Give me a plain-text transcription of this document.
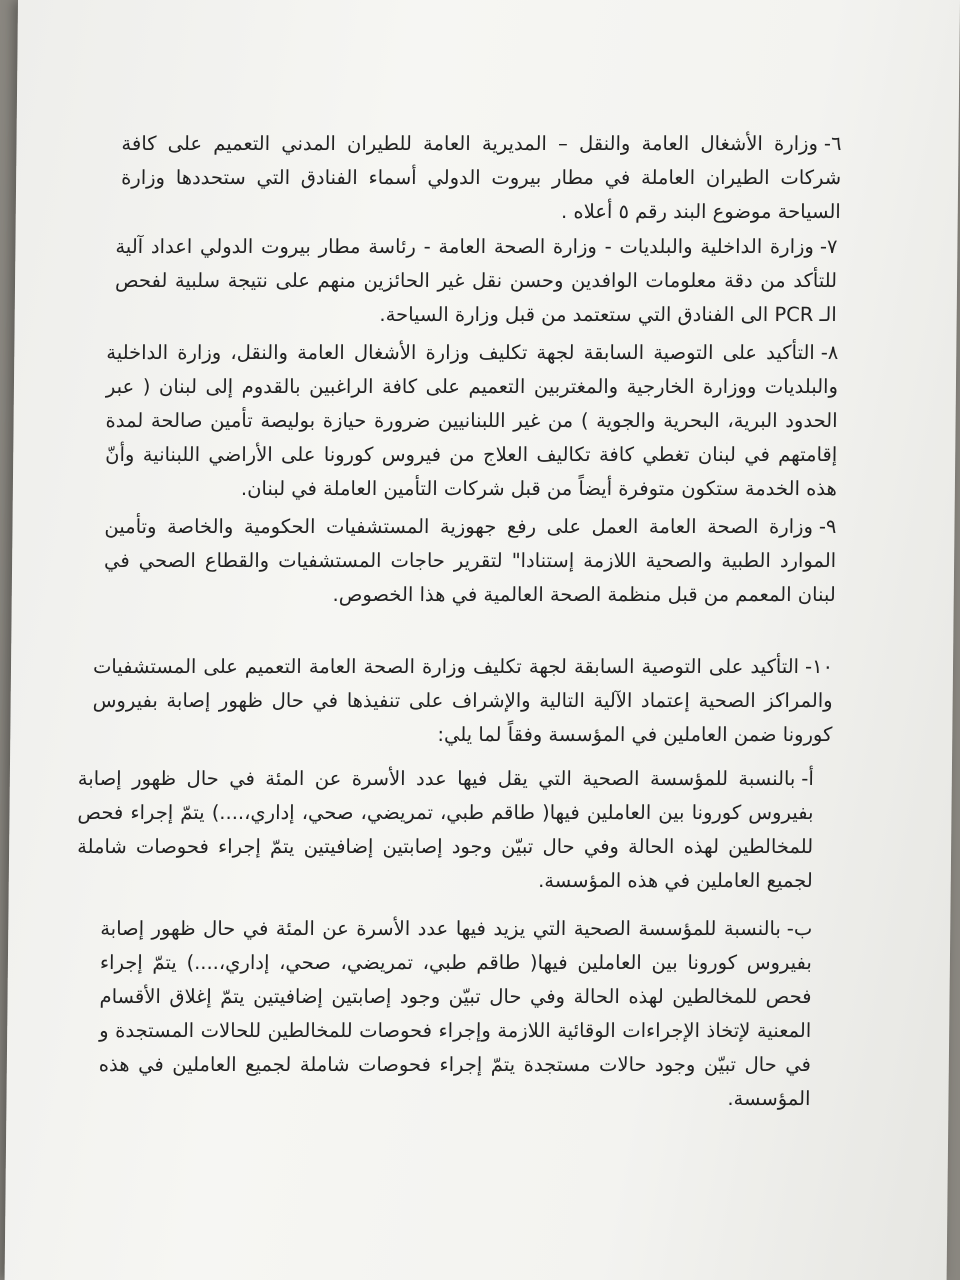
٦-وزارة الأشغال العامة والنقل – المديرية العامة للطيران المدني التعميم على كافة شركات الطيران العاملة في مطار بيروت الدولي أسماء الفنادق التي ستحددها وزارة السياحة موضوع البند رقم ٥ أعلاه .
٧-وزارة الداخلية والبلديات - وزارة الصحة العامة - رئاسة مطار بيروت الدولي اعداد آلية للتأكد من دقة معلومات الوافدين وحسن نقل غير الحائزين منهم على نتيجة سلبية لفحص الـ PCR الى الفنادق التي ستعتمد من قبل وزارة السياحة.
٨-التأكيد على التوصية السابقة لجهة تكليف وزارة الأشغال العامة والنقل، وزارة الداخلية والبلديات ووزارة الخارجية والمغتربين التعميم على كافة الراغبين بالقدوم إلى لبنان ( عبر الحدود البرية، البحرية والجوية ) من غير اللبنانيين ضرورة حيازة بوليصة تأمين صالحة لمدة إقامتهم في لبنان تغطي كافة تكاليف العلاج من فيروس كورونا على الأراضي اللبنانية وأنّ هذه الخدمة ستكون متوفرة أيضاً من قبل شركات التأمين العاملة في لبنان.
٩-وزارة الصحة العامة العمل على رفع جهوزية المستشفيات الحكومية والخاصة وتأمين الموارد الطبية والصحية اللازمة إستنادا" لتقرير حاجات المستشفيات والقطاع الصحي في لبنان المعمم من قبل منظمة الصحة العالمية في هذا الخصوص.
١٠-التأكيد على التوصية السابقة لجهة تكليف وزارة الصحة العامة التعميم على المستشفيات والمراكز الصحية إعتماد الآلية التالية والإشراف على تنفيذها في حال ظهور إصابة بفيروس كورونا ضمن العاملين في المؤسسة وفقاً لما يلي:
أ-بالنسبة للمؤسسة الصحية التي يقل فيها عدد الأسرة عن المئة في حال ظهور إصابة بفيروس كورونا بين العاملين فيها( طاقم طبي، تمريضي، صحي، إداري،....) يتمّ إجراء فحص للمخالطين لهذه الحالة وفي حال تبيّن وجود إصابتين إضافيتين يتمّ إجراء فحوصات شاملة لجميع العاملين في هذه المؤسسة.
ب-بالنسبة للمؤسسة الصحية التي يزيد فيها عدد الأسرة عن المئة في حال ظهور إصابة بفيروس كورونا بين العاملين فيها( طاقم طبي، تمريضي، صحي، إداري،....) يتمّ إجراء فحص للمخالطين لهذه الحالة وفي حال تبيّن وجود إصابتين إضافيتين يتمّ إغلاق الأقسام المعنية لإتخاذ الإجراءات الوقائية اللازمة وإجراء فحوصات للمخالطين للحالات المستجدة و في حال تبيّن وجود حالات مستجدة يتمّ إجراء فحوصات شاملة لجميع العاملين في هذه المؤسسة.
